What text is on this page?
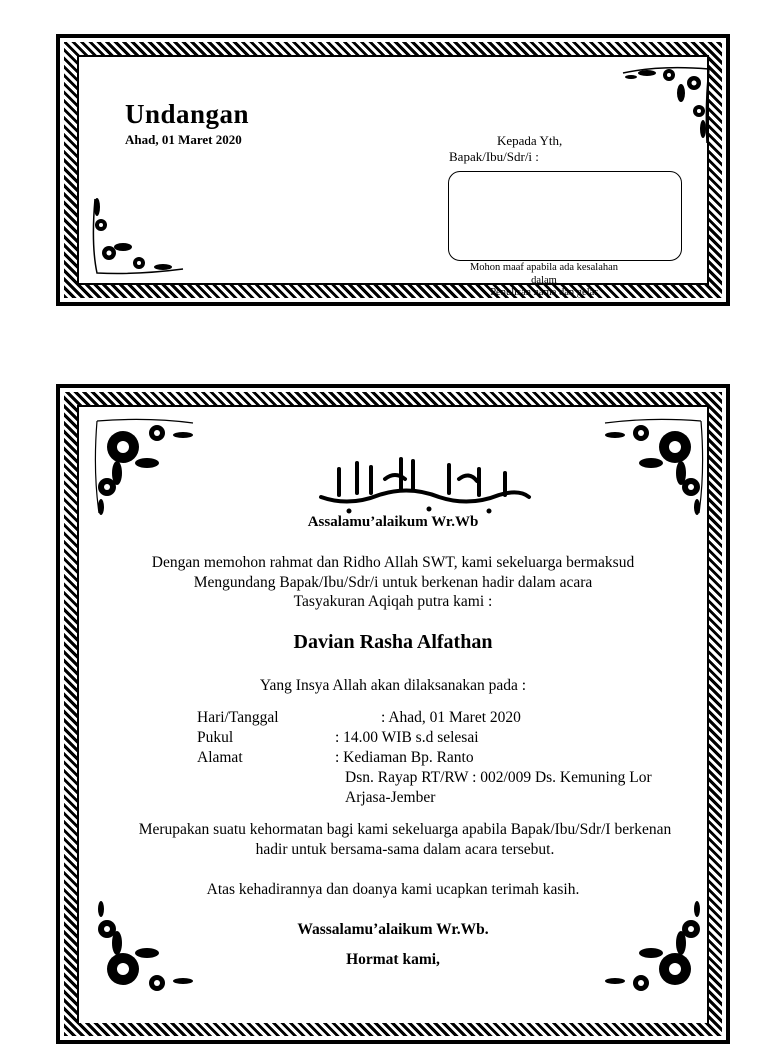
Undangan
Ahad, 01 Maret 2020	Kepada Yth,
Bapak/Ibu/Sdr/i :
Mohon maaf apabila ada kesalahan
dalam
Penulisan nama dan gelar
Assalamu’alaikum Wr.Wb
Dengan memohon rahmat dan Ridho Allah SWT, kami sekeluarga bermaksud
Mengundang Bapak/Ibu/Sdr/i untuk berkenan hadir dalam acara
Tasyakuran Aqiqah putra kami :
Davian Rasha Alfathan
Yang Insya Allah akan dilaksanakan pada :
Hari/Tanggal	: Ahad, 01 Maret 2020
Pukul	: 14.00 WIB s.d selesai
Alamat	: Kediaman Bp. Ranto
Dsn. Rayap RT/RW : 002/009 Ds. Kemuning Lor
Arjasa-Jember
Merupakan suatu kehormatan bagi kami sekeluarga apabila Bapak/Ibu/Sdr/I berkenan
hadir untuk bersama-sama dalam acara tersebut.
Atas kehadirannya dan doanya kami ucapkan terimah kasih.
Wassalamu’alaikum Wr.Wb.
Hormat kami,
